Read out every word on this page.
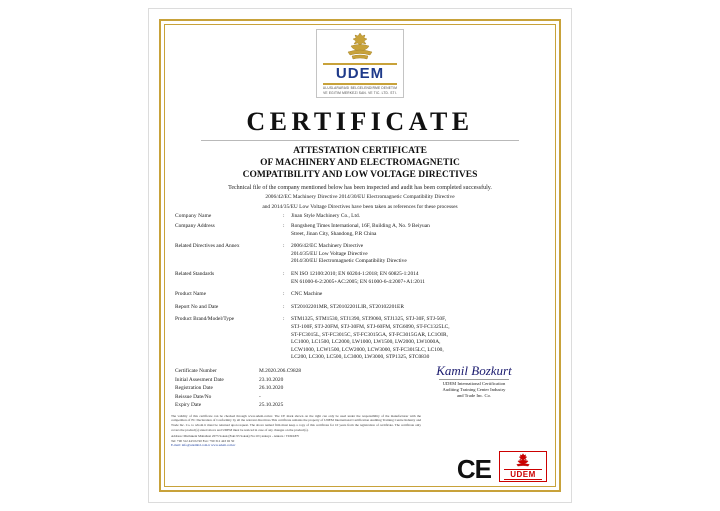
UDEM
ULUSLARARASI BELGELENDIRME DENETIM
VE EGITIM MERKEZI SAN. VE TIC. LTD. STI.
CERTIFICATE
ATTESTATION CERTIFICATE
OF MACHINERY AND ELECTROMAGNETIC
COMPATIBILITY AND LOW VOLTAGE DIRECTIVES
Technical file of the company mentioned below has been inspected and audit has been completed successfuly.
2006/42/EC Machinery Directive 2014/30/EU Electromagnetic Compatibility Directive
and 2014/35/EU Low Voltage Directives have been taken as references for these processes
Company Name	:	Jinan Style Machinery Co., Ltd.
Company Address	:	Rongsheng Times International, 16F, Building A, No. 9 Beiyuan
Street, Jinan City, Shandong, P.R China
Related Directives and Annex	:	2006/42/EC Machinery Directive
2014/35/EU Low Voltage Directive
2014/30/EU Electromagnetic Compatibility Directive
Related Standards	:	EN ISO 12100:2010; EN 60204-1:2018; EN 60825-1:2014
EN 61000-6-2:2005+AC:2005; EN 61000-6-4:2007+A1:2011
Product Name	:	CNC Machine
Report No and Date	:	ST20102201MR, ST20102201LIR, ST20102201ER
Product Brand/Model/Type	:	STM1325, STM1530, STJ1390, STJ9060, STJ1325, STJ-30F, STJ-50F,
STJ-100F, STJ-20FM, STJ-30FM, STJ-60FM, STG6090, ST-FC1325LC,
ST-FC3015L, ST-FC3015C, ST-FC3015GA, ST-FC3015GAR, LC1OIR,
LC1000, LC1500, LC2000, LW1000, LW1500, LW2000, LW1000A,
LCW1000, LCW1500, LCW2000, LCW3000, ST-FC3015LC, LC100,
LC200, LC300, LC500, LC3000, LW3000, STP1325, STC0830
Certificate Number	M.2020.206.C9828
Initial Assesment Date	23.10.2020
Registration Date	26.10.2020
Reissue Date/No	-
Expiry Date	25.10.2025
Kamil Bozkurt
UDEM International Certification
Auditing Training Center Industry
and Trade Inc. Co.
The validity of this certificate can be checked through www.udem.com.tr. The CE mark shown on the right can only be used under the responsibility of the manufacturer with the competition of EC Declaration of Conformity by all the relevant directives.This certificate remains the property of UDEM International Certification Auditing Training Centre Industry and Trade Inc. Co. to whom it must be returned upon request. The above named firm must keep a copy of this certificate for 10 years from the registration of certificate. The certificate only covers the product(s) stated above and UDEM must be noticed in case of any changes on the product(s).
Address: Mutlukent Mahallesi 2073 Sokak (Eski 93 Sokak) No:10 Çankaya - Ankara / TURKEY
Tel: +90 312 443 02 90 Fax: +90 312 443 02 50
E-mail: info@udemltd.com.tr www.udem.com.tr
CE	UDEM
